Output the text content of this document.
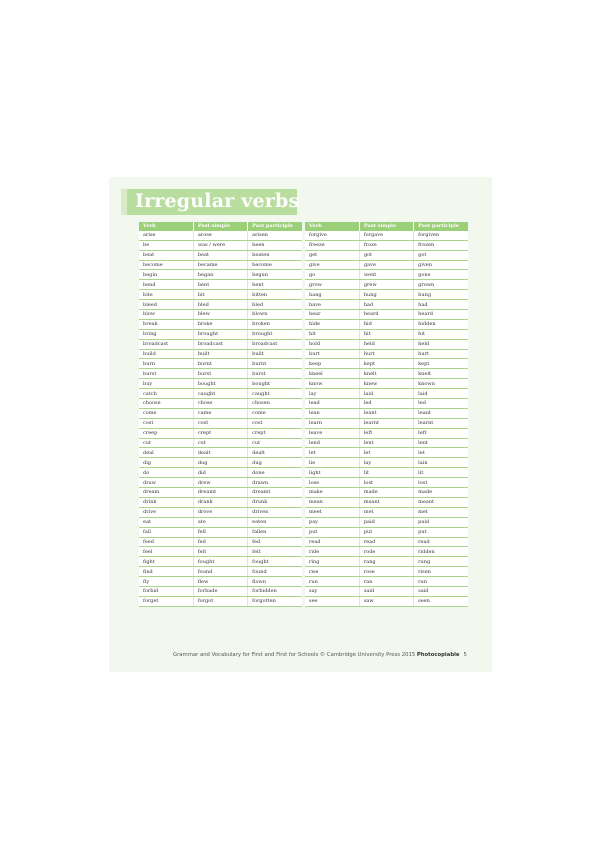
Irregular verbs
Verb	Past simple	Past participle
arise	arose	arisen
be	was / were	been
beat	beat	beaten
become	became	become
begin	began	begun
bend	bent	bent
bite	bit	bitten
bleed	bled	bled
blow	blew	blown
break	broke	broken
bring	brought	brought
broadcast	broadcast	broadcast
build	built	built
burn	burnt	burnt
burst	burst	burst
buy	bought	bought
catch	caught	caught
choose	chose	chosen
come	came	come
cost	cost	cost
creep	crept	crept
cut	cut	cut
deal	dealt	dealt
dig	dug	dug
do	did	done
draw	drew	drawn
dream	dreamt	dreamt
drink	drank	drunk
drive	drove	driven
eat	ate	eaten
fall	fell	fallen
feed	fed	fed
feel	felt	felt
fight	fought	fought
find	found	found
fly	flew	flown
forbid	forbade	forbidden
forget	forgot	forgotten
Verb	Past simple	Past participle
forgive	forgave	forgiven
freeze	froze	frozen
get	got	got
give	gave	given
go	went	gone
grow	grew	grown
hang	hung	hung
have	had	had
hear	heard	heard
hide	hid	hidden
hit	hit	hit
hold	held	held
hurt	hurt	hurt
keep	kept	kept
kneel	knelt	knelt
know	knew	known
lay	laid	laid
lead	led	led
lean	leant	leant
learn	learnt	learnt
leave	left	left
lend	lent	lent
let	let	let
lie	lay	lain
light	lit	lit
lose	lost	lost
make	made	made
mean	meant	meant
meet	met	met
pay	paid	paid
put	put	put
read	read	read
ride	rode	ridden
ring	rang	rung
rise	rose	risen
run	ran	run
say	said	said
see	saw	seen
Grammar and Vocabulary for First and First for Schools © Cambridge University Press 2015 Photocopiable 5
